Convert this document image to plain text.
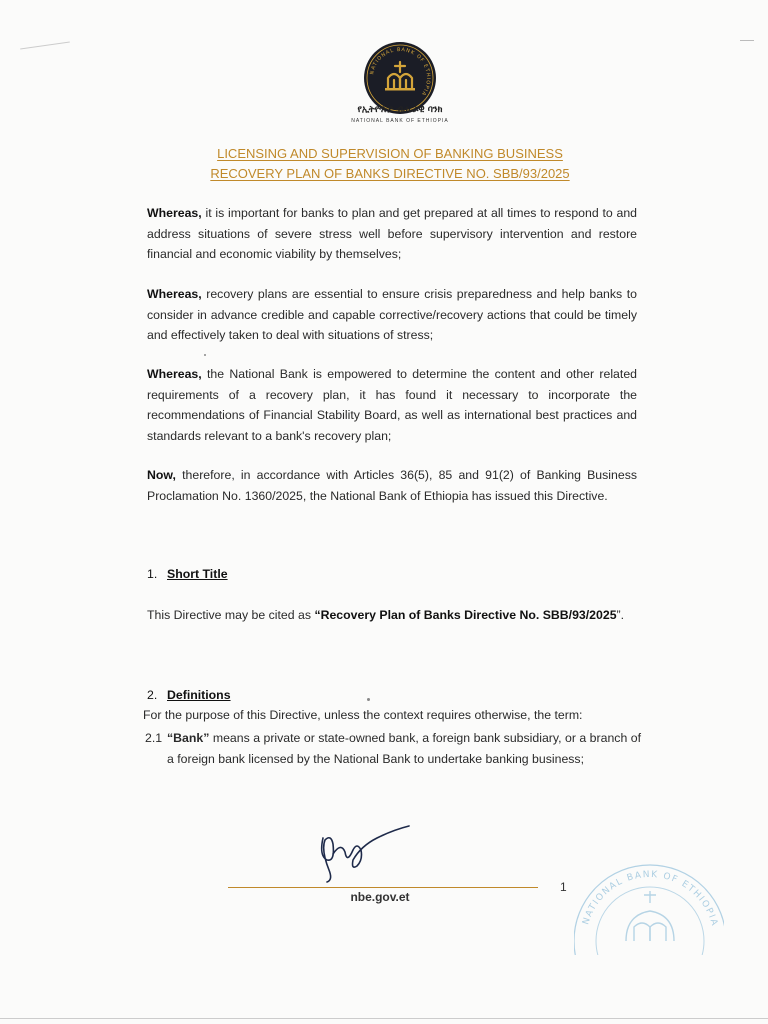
NATIONAL BANK OF ETHIOPIA
የኢትዮጵያ ብሔራዊ ባንክ
NATIONAL BANK OF ETHIOPIA
LICENSING AND SUPERVISION OF BANKING BUSINESS
RECOVERY PLAN OF BANKS DIRECTIVE NO. SBB/93/2025
Whereas, it is important for banks to plan and get prepared at all times to respond to and address situations of severe stress well before supervisory intervention and restore financial and economic viability by themselves;
Whereas, recovery plans are essential to ensure crisis preparedness and help banks to consider in advance credible and capable corrective/recovery actions that could be timely and effectively taken to deal with situations of stress;
Whereas, the National Bank is empowered to determine the content and other related requirements of a recovery plan, it has found it necessary to incorporate the recommendations of Financial Stability Board, as well as international best practices and standards relevant to a bank's recovery plan;
Now, therefore, in accordance with Articles 36(5), 85 and 91(2) of Banking Business Proclamation No. 1360/2025, the National Bank of Ethiopia has issued this Directive.
1. Short Title
This Directive may be cited as “Recovery Plan of Banks Directive No. SBB/93/2025”.
2. Definitions
For the purpose of this Directive, unless the context requires otherwise, the term:
2.1 “Bank” means a private or state-owned bank, a foreign bank subsidiary, or a branch of a foreign bank licensed by the National Bank to undertake banking business;
nbe.gov.et
1
NATIONAL BANK OF ETHIOPIA
